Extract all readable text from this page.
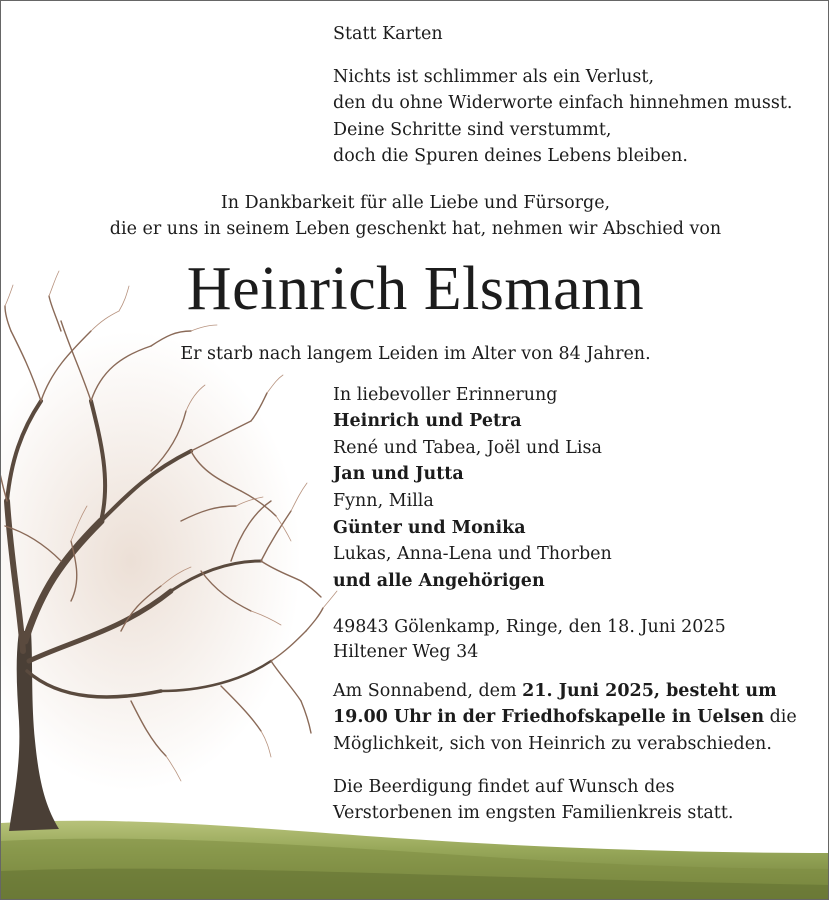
Statt Karten
Nichts ist schlimmer als ein Verlust,
den du ohne Widerworte einfach hinnehmen musst.
Deine Schritte sind verstummt,
doch die Spuren deines Lebens bleiben.
In Dankbarkeit für alle Liebe und Fürsorge,
die er uns in seinem Leben geschenkt hat, nehmen wir Abschied von
Heinrich Elsmann
Er starb nach langem Leiden im Alter von 84 Jahren.
In liebevoller Erinnerung
Heinrich und Petra
René und Tabea, Joël und Lisa
Jan und Jutta
Fynn, Milla
Günter und Monika
Lukas, Anna-Lena und Thorben
und alle Angehörigen
49843 Gölenkamp, Ringe, den 18. Juni 2025
Hiltener Weg 34
Am Sonnabend, dem 21. Juni 2025, besteht um
19.00 Uhr in der Friedhofskapelle in Uelsen die
Möglichkeit, sich von Heinrich zu verabschieden.
Die Beerdigung findet auf Wunsch des
Verstorbenen im engsten Familienkreis statt.
